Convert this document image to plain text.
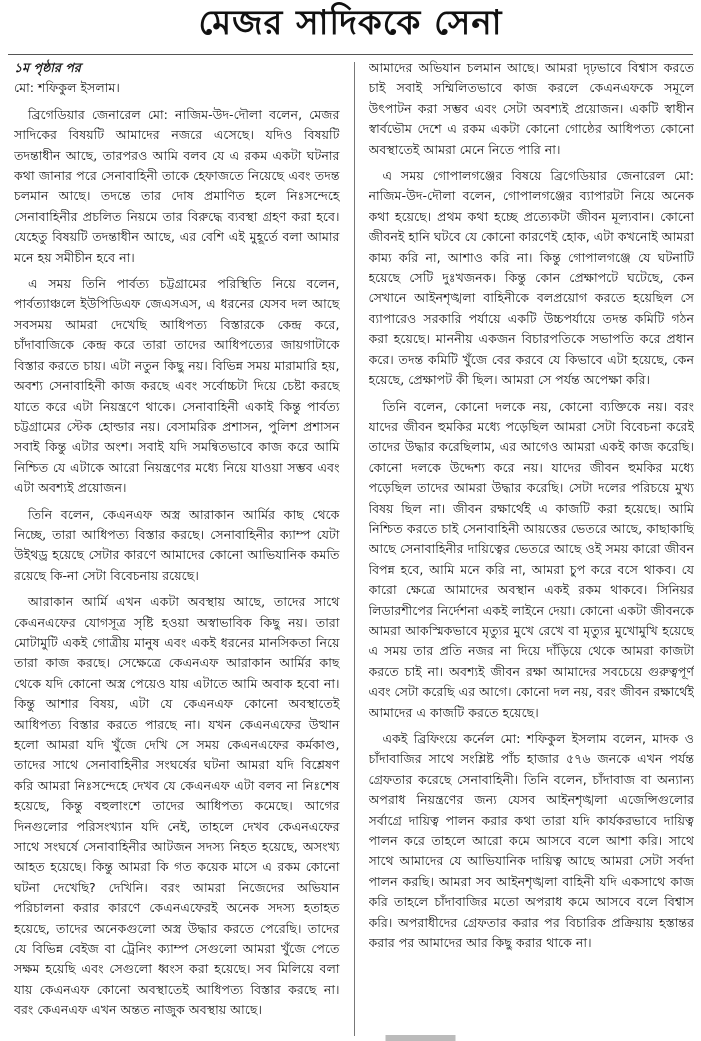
মেজর সাদিককে সেনা

১ম পৃষ্ঠার পর
মো: শফিকুল ইসলাম।

ব্রিগেডিয়ার জেনারেল মো: নাজিম-উদ-দৌলা বলেন, মেজর সাদিকের বিষয়টি আমাদের নজরে এসেছে। যদিও বিষয়টি তদন্তাধীন আছে, তারপরও আমি বলব যে এ রকম একটা ঘটনার কথা জানার পরে সেনাবাহিনী তাকে হেফাজতে নিয়েছে এবং তদন্ত চলমান আছে। তদন্তে তার দোষ প্রমাণিত হলে নিঃসন্দেহে সেনাবাহিনীর প্রচলিত নিয়মে তার বিরুদ্ধে ব্যবস্থা গ্রহণ করা হবে। যেহেতু বিষয়টি তদন্তাধীন আছে, এর বেশি এই মুহূর্তে বলা আমার মনে হয় সমীচীন হবে না।

এ সময় তিনি পার্বত্য চট্টগ্রামের পরিস্থিতি নিয়ে বলেন, পার্বত্যাঞ্চলে ইউপিডিএফ জেএসএস, এ ধরনের যেসব দল আছে সবসময় আমরা দেখেছি আধিপত্য বিস্তারকে কেন্দ্র করে, চাঁদাবাজিকে কেন্দ্র করে তারা তাদের আধিপত্যের জায়গাটাকে বিস্তার করতে চায়। এটা নতুন কিছু নয়। বিভিন্ন সময় মারামারি হয়, অবশ্য সেনাবাহিনী কাজ করছে এবং সর্বোচ্চটা দিয়ে চেষ্টা করছে যাতে করে এটা নিয়ন্ত্রণে থাকে। সেনাবাহিনী একাই কিন্তু পার্বত্য চট্টগ্রামের স্টেক হোল্ডার নয়। বেসামরিক প্রশাসন, পুলিশ প্রশাসন সবাই কিন্তু এটার অংশ। সবাই যদি সমন্বিতভাবে কাজ করে আমি নিশ্চিত যে এটাকে আরো নিয়ন্ত্রণের মধ্যে নিয়ে যাওয়া সম্ভব এবং এটা অবশ্যই প্রয়োজন।

তিনি বলেন, কেএনএফ অস্ত্র আরাকান আর্মির কাছ থেকে নিচ্ছে, তারা আধিপত্য বিস্তার করছে। সেনাবাহিনীর ক্যাম্প যেটা উইথড্র হয়েছে সেটার কারণে আমাদের কোনো আভিযানিক কমতি রয়েছে কি-না সেটা বিবেচনায় রয়েছে।

আরাকান আর্মি এখন একটা অবস্থায় আছে, তাদের সাথে কেএনএফের যোগসূত্র সৃষ্টি হওয়া অস্বাভাবিক কিছু নয়। তারা মোটামুটি একই গোত্রীয় মানুষ এবং একই ধরনের মানসিকতা নিয়ে তারা কাজ করছে। সেক্ষেত্রে কেএনএফ আরাকান আর্মির কাছ থেকে যদি কোনো অস্ত্র পেয়েও যায় এটাতে আমি অবাক হবো না। কিন্তু আশার বিষয়, এটা যে কেএনএফ কোনো অবস্থাতেই আধিপত্য বিস্তার করতে পারছে না। যখন কেএনএফের উত্থান হলো আমরা যদি খুঁজে দেখি সে সময় কেএনএফের কর্মকাণ্ড, তাদের সাথে সেনাবাহিনীর সংঘর্ষের ঘটনা আমরা যদি বিশ্লেষণ করি আমরা নিঃসন্দেহে দেখব যে কেএনএফ এটা বলব না নিঃশেষ হয়েছে, কিন্তু বহুলাংশে তাদের আধিপত্য কমেছে। আগের দিনগুলোর পরিসংখ্যান যদি নেই, তাহলে দেখব কেএনএফের সাথে সংঘর্ষে সেনাবাহিনীর আটজন সদস্য নিহত হয়েছে, অসংখ্য আহত হয়েছে। কিন্তু আমরা কি গত কয়েক মাসে এ রকম কোনো ঘটনা দেখেছি? দেখিনি। বরং আমরা নিজেদের অভিযান পরিচালনা করার কারণে কেএনএফেরই অনেক সদস্য হতাহত হয়েছে, তাদের অনেকগুলো অস্ত্র উদ্ধার করতে পেরেছি। তাদের যে বিভিন্ন বেইজ বা ট্রেনিং ক্যাম্প সেগুলো আমরা খুঁজে পেতে সক্ষম হয়েছি এবং সেগুলো ধ্বংস করা হয়েছে। সব মিলিয়ে বলা যায় কেএনএফ কোনো অবস্থাতেই আধিপত্য বিস্তার করছে না। বরং কেএনএফ এখন অন্তত নাজুক অবস্থায় আছে।

আমাদের অভিযান চলমান আছে। আমরা দৃঢ়ভাবে বিশ্বাস করতে চাই সবাই সম্মিলিতভাবে কাজ করলে কেএনএফকে সমূলে উৎপাটন করা সম্ভব এবং সেটা অবশ্যই প্রয়োজন। একটি স্বাধীন স্বার্বভৌম দেশে এ রকম একটা কোনো গোষ্ঠের আধিপত্য কোনো অবস্থাতেই আমরা মেনে নিতে পারি না।

এ সময় গোপালগঞ্জের বিষয়ে ব্রিগেডিয়ার জেনারেল মো: নাজিম-উদ-দৌলা বলেন, গোপালগঞ্জের ব্যাপারটা নিয়ে অনেক কথা হয়েছে। প্রথম কথা হচ্ছে প্রত্যেকটা জীবন মূল্যবান। কোনো জীবনই হানি ঘটবে যে কোনো কারণেই হোক, এটা কখনোই আমরা কাম্য করি না, আশাও করি না। কিন্তু গোপালগঞ্জে যে ঘটনাটি হয়েছে সেটি দুঃখজনক। কিন্তু কোন প্রেক্ষাপটে ঘটেছে, কেন সেখানে আইনশৃঙ্খলা বাহিনীকে বলপ্রয়োগ করতে হয়েছিল সে ব্যাপারেও সরকারি পর্যায়ে একটি উচ্চপর্যায়ে তদন্ত কমিটি গঠন করা হয়েছে। মাননীয় একজন বিচারপতিকে সভাপতি করে প্রধান করে। তদন্ত কমিটি খুঁজে বের করবে যে কিভাবে এটা হয়েছে, কেন হয়েছে, প্রেক্ষাপট কী ছিল। আমরা সে পর্যন্ত অপেক্ষা করি।

তিনি বলেন, কোনো দলকে নয়, কোনো ব্যক্তিকে নয়। বরং যাদের জীবন হুমকির মধ্যে পড়েছিল আমরা সেটা বিবেচনা করেই তাদের উদ্ধার করেছিলাম, এর আগেও আমরা একই কাজ করেছি। কোনো দলকে উদ্দেশ্য করে নয়। যাদের জীবন হুমকির মধ্যে পড়েছিল তাদের আমরা উদ্ধার করেছি। সেটা দলের পরিচয়ে মুখ্য বিষয় ছিল না। জীবন রক্ষার্থেই এ কাজটি করা হয়েছে। আমি নিশ্চিত করতে চাই সেনাবাহিনী আয়ত্তের ভেতরে আছে, কাছাকাছি আছে সেনাবাহিনীর দায়িত্বের ভেতরে আছে ওই সময় কারো জীবন বিপন্ন হবে, আমি মনে করি না, আমরা চুপ করে বসে থাকব। যে কারো ক্ষেত্রে আমাদের অবস্থান একই রকম থাকবে। সিনিয়র লিডারশীপের নির্দেশনা একই লাইনে দেয়া। কোনো একটা জীবনকে আমরা আকস্মিকভাবে মৃত্যুর মুখে রেখে বা মৃত্যুর মুখোমুখি হয়েছে এ সময় তার প্রতি নজর না দিয়ে দাঁড়িয়ে থেকে আমরা কাজটা করতে চাই না। অবশ্যই জীবন রক্ষা আমাদের সবচেয়ে গুরুত্বপূর্ণ এবং সেটা করেছি এর আগে। কোনো দল নয়, বরং জীবন রক্ষার্থেই আমাদের এ কাজটি করতে হয়েছে।

একই ব্রিফিংয়ে কর্নেল মো: শফিকুল ইসলাম বলেন, মাদক ও চাঁদাবাজির সাথে সংশ্লিষ্ট পাঁচ হাজার ৫৭৬ জনকে এখন পর্যন্ত গ্রেফতার করেছে সেনাবাহিনী। তিনি বলেন, চাঁদাবাজ বা অন্যান্য অপরাধ নিয়ন্ত্রণের জন্য যেসব আইনশৃঙ্খলা এজেন্সিগুলোর সর্বাগ্রে দায়িত্ব পালন করার কথা তারা যদি কার্যকরভাবে দায়িত্ব পালন করে তাহলে আরো কমে আসবে বলে আশা করি। সাথে সাথে আমাদের যে আভিযানিক দায়িত্ব আছে আমরা সেটা সর্বদা পালন করছি। আমরা সব আইনশৃঙ্খলা বাহিনী যদি একসাথে কাজ করি তাহলে চাঁদাবাজির মতো অপরাধ কমে আসবে বলে বিশ্বাস করি। অপরাধীদের গ্রেফতার করার পর বিচারিক প্রক্রিয়ায় হস্তান্তর করার পর আমাদের আর কিছু করার থাকে না।
